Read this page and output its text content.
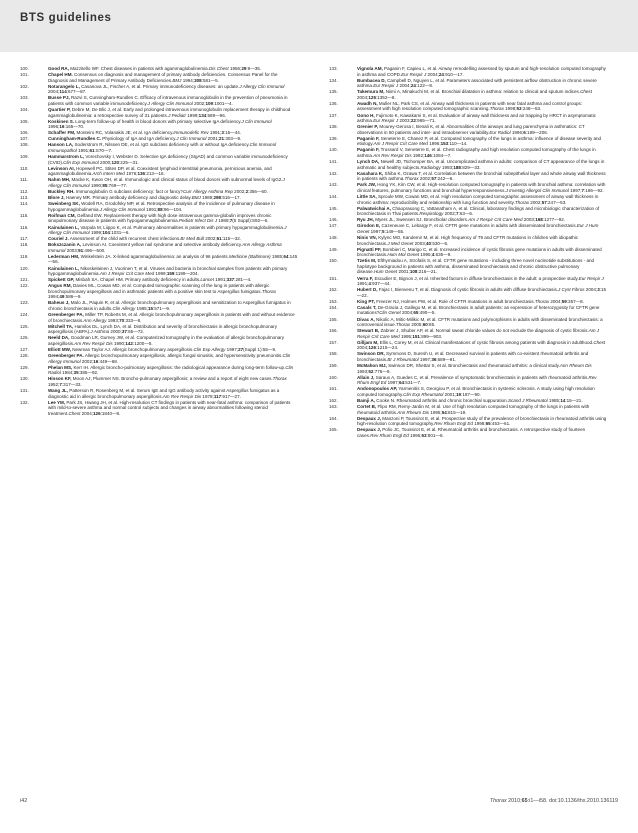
BTS guidelines
100.	Good RA, Mazzitello WF. Chest diseases in patients with agammaglobulinemia.Dis Chest 1956;29:9—35.
101.	Chapel HM. Consensus on diagnosis and management of primary antibody deficiencies. Consensus Panel for the Diagnosis and Management of Primary Antibody Deficiencies.BMJ 1994;308:581—5.
102.	Notarangelo L, Casanova JL, Fischer A, et al. Primary immunodeficiency diseases: an update.J Allergy Clin Immunol 2004;114:677—87.
103.	Busse PJ, Razvi S, Cunningham-Rundles C. Efficacy of intravenous immunoglobulin in the prevention of pneumonia in patients with common variable immunodeficiency.J Allergy Clin Immunol 2002;109:1001—4.
104.	Quartier P, Debre M, De Blic J, et al. Early and prolonged intravenous immunoglobulin replacement therapy in childhood agammaglobulinemia: a retrospective survey of 31 patients.J Pediatr 1999;134:589—96.
105.	Koskinen S. Long-term follow-up of health in blood donors with primary selective IgA deficiency.J Clin Immunol 1996;16:165—70.
106.	Schaffer FM, Monteiro RC, Volanakis JE, et al. IgA deficiency.Immunodefic Rev 1991;3:15—44.
107.	Cunningham-Rundles C. Physiology of IgA and IgA deficiency.J Clin Immunol 2001;21:303—9.
108.	Hanson LA, Soderstrom R, Nilssen DE, et al. IgG subclass deficiency with or without IgA deficiency.Clin Immunol Immunopathol 1991;61:S70—7.
109.	Hammarstrom L, Vorechovsky I, Webster D. Selective IgA deficiency (SIgAD) and common variable immunodeficiency (CVID).Clin Exp Immunol 2000;120:225—31.
110.	Levinson AI, Hopewell PC, Stites DP, et al. Coexistent lymphoid interstitial pneumonia, pernicious anemia, and agammaglobulinemia.Arch Intern Med 1976;136:213—16.
111.	Nahm MH, Macke K, Kwon OH, et al. Immunologic and clinical status of blood donors with subnormal levels of IgG2.J Allergy Clin Immunol 1990;85:769—77.
112.	Buckley RH. Immunoglobulin G subclass deficiency: fact or fancy?Curr Allergy Asthma Rep 2002;2:356—60.
113.	Blore J, Haeney MR. Primary antibody deficiency and diagnostic delay.BMJ 1989;298:516—17.
114.	Sweinberg SK, Wodell RA, Grodofsky MP, et al. Retrospective analysis of the incidence of pulmonary disease in hypogammaglobulinemia.J Allergy Clin Immunol 1991;88:96—104.
115.	Roifman CM, Gelfand EW. Replacement therapy with high dose intravenous gamma-globulin improves chronic sinopulmonary disease in patients with hypogammaglobulinemia.Pediatr Infect Dis J 1988;7(5 Suppl):S92—6.
116.	Kainulainen L, Varpula M, Liippo K, et al. Pulmonary abnormalities in patients with primary hypogammaglobulinemia.J Allergy Clin Immunol 1999;104:1031—6.
117.	Couriel J. Assessment of the child with recurrent chest infections.Br Med Bull 2002;61:115—32.
118.	Bokszczanin A, Levinson AI. Coexistent yellow nail syndrome and selective antibody deficiency.Ann Allergy Asthma Immunol 2003;91:496—500.
119.	Lederman HM, Winkelstein JA. X-linked agammaglobulinemia: an analysis of 96 patients.Medicine (Baltimore) 1985;64:145—56.
120.	Kainulainen L, Nikoskelainen J, Vuorinen T, et al. Viruses and bacteria in bronchial samples from patients with primary hypogammaglobulinemia.Am J Respir Crit Care Med 1999;159:1199—204.
121.	Spickett GP, Misbah SA, Chapel HM. Primary antibody deficiency in adults.Lancet 1991;337:281—4.
122.	Angus RM, Davies ML, Cowan MD, et al. Computed tomographic scanning of the lung in patients with allergic bronchopulmonary aspergillosis and in asthmatic patients with a positive skin test to Aspergillus fumigatus.Thorax 1994;49:586—9.
123.	Baheus J, Malo JL, Paquin R, et al. Allergic bronchopulmonary aspergillosis and sensitization to Aspergillus fumigatus in chronic bronchiectasis in adults.Clin Allergy 1985;15:571—9.
124.	Greenberger PA, Miller TP, Roberts M, et al. Allergic bronchopulmonary aspergillosis in patients with and without evidence of bronchiectasis.Ann Allergy 1993;70:333—8.
125.	Mitchell TA, Hamilos DL, Lynch DA, et al. Distribution and severity of bronchiectasis in allergic bronchopulmonary aspergillosis (ABPA).J Asthma 2000;37:65—72.
126.	Neeld DA, Goodman LR, Gurney JW, et al. Computerized tomography in the evaluation of allergic bronchopulmonary aspergillosis.Am Rev Respir Dis 1990;142:1200—5.
127.	Elliott MW, Newman Taylor AJ. Allergic bronchopulmonary aspergillosis.Clin Exp Allergy 1997;27(Suppl 1):55—9.
128.	Greenberger PA. Allergic bronchopulmonary aspergillosis, allergic fungal sinusitis, and hypersensitivity pneumonitis.Clin Allergy Immunol 2002;16:449—68.
129.	Phelan MS, Kerr IH. Allergic broncho-pulmonary aspergillosis: the radiological appearance during long-term follow-up.Clin Radiol 1984;35:385—92.
130.	Hinson KF, Moon AJ, Plummer NS. Broncho-pulmonary aspergillosis; a review and a report of eight new cases.Thorax 1952;7:317—33.
131.	Wang JL, Patterson R, Rosenberg M, et al. Serum IgE and IgG antibody activity against Aspergillus fumigatus as a diagnostic aid in allergic bronchopulmonary aspergillosis.Am Rev Respir Dis 1978;117:917—27.
132.	Lee YM, Park JS, Hwang JH, et al. High-resolution CT findings in patients with near-fatal asthma: comparison of patients with mild-to-severe asthma and normal control subjects and changes in airway abnormalities following steroid treatment.Chest 2004;126:1840—8.
133.	Vignola AM, Paganin F, Capieu L, et al. Airway remodelling assessed by sputum and high-resolution computed tomography in asthma and COPD.Eur Respir J 2004;24:910—17.
134.	Bumbacea D, Campbell D, Nguyen L, et al. Parameters associated with persistent airflow obstruction in chronic severe asthma.Eur Respir J 2004;24:122—8.
135.	Takemura M, Niimi A, Minakuchi M, et al. Bronchial dilatation in asthma: relation to clinical and sputum indices.Chest 2004;125:1352—8.
136.	Awadh N, Muller NL, Park CS, et al. Airway wall thickness in patients with near fatal asthma and control groups: assessment with high resolution computed tomographic scanning.Thorax 1998;53:248—53.
137.	Gono H, Fujimoto K, Kawakami S, et al. Evaluation of airway wall thickness and air trapping by HRCT in asymptomatic asthma.Eur Respir J 2003;22:965—71.
138.	Grenier P, Mourey-Gerosa I, Benali K, et al. Abnormalities of the airways and lung parenchyma in asthmatics: CT observations in 50 patients and inter- and intraobserver variability.Eur Radiol 1996;6:199—206.
139.	Paganin F, Seneterre E, Chanez P, et al. Computed tomography of the lungs in asthma: influence of disease severity and etiology.Am J Respir Crit Care Med 1996;153:110—14.
140.	Paganin F, Trussard V, Seneterre E, et al. Chest radiography and high resolution computed tomography of the lungs in asthma.Am Rev Respir Dis 1992;146:1084—7.
141.	Lynch DA, Newell JD, Tschomper BA, et al. Uncomplicated asthma in adults: comparison of CT appearance of the lungs in asthmatic and healthy subjects.Radiology 1993;188:829—33.
142.	Kasahara K, Shiba K, Ozawa T, et al. Correlation between the bronchial subepithelial layer and whole airway wall thickness in patients with asthma.Thorax 2002;57:242—6.
143.	Park JW, Hong YK, Kim CW, et al. High-resolution computed tomography in patients with bronchial asthma: correlation with clinical features, pulmonary functions and bronchial hyperresponsiveness.J Investig Allergol Clin Immunol 1997;7:186—92.
144.	Little SA, Sproule MW, Cowan MD, et al. High resolution computed tomographic assessment of airway wall thickness in chronic asthma: reproducibility and relationship with lung function and severity.Thorax 2002;57:247—53.
145.	Palwatwichai A, Chaoprasong C, Vattanathum A, et al. Clinical, laboratory findings and microbiologic characterization of bronchiectasis in Thai patients.Respirology 2002;7:63—6.
146.	Ryu JH, Myers JL, Swensen SJ. Bronchiolar disorders.Am J Respir Crit Care Med 2003;168:1277—92.
147.	Girodon E, Cazeneuve C, Lebargy F, et al. CFTR gene mutations in adults with disseminated bronchiectasis.Eur J Hum Genet 1997;5:149—55.
148.	Ninis VN, Kylync MO, Kandemir M, et al. High frequency of T9 and CFTR mutations in children with idiopathic bronchiectasis.J Med Genet 2003;40:530—5.
149.	Pignatti PF, Bombieri C, Marigo C, et al. Increased incidence of cystic fibrosis gene mutations in adults with disseminated bronchiectasis.Hum Mol Genet 1995;4:635—9.
150.	Tzetis M, Efthymiadou A, Strofalis S, et al. CFTR gene mutations - including three novel nucleotide substitutions - and haplotype background in patients with asthma, disseminated bronchiectasis and chronic obstructive pulmonary disease.Hum Genet 2001;108:216—21.
151.	Verra F, Escudier E, Bignon J, et al. Inherited factors in diffuse bronchiectasis in the adult: a prospective study.Eur Respir J 1991;4:937—44.
152.	Hubert D, Fajac I, Bienvenu T, et al. Diagnosis of cystic fibrosis in adults with diffuse bronchiectasis.J Cyst Fibros 2004;3:15—22.
153.	King PT, Freezer NJ, Holmes PW, et al. Role of CFTR mutations in adult bronchiectasis.Thorax 2004;59:357—8.
154.	Casals T, De-Gracia J, Gallego M, et al. Bronchiectasis in adult patients: an expression of heterozygosity for CFTR gene mutations?Clin Genet 2004;65:490—5.
155.	Divac A, Nikolic A, Mitic-Milikic M, et al. CFTR mutations and polymorphisms in adults with disseminated bronchiectasis: a controversial issue.Thorax 2005;60:85.
156.	Stewart B, Zabner J, Shuber AP, et al. Normal sweat chloride values do not exclude the diagnosis of cystic fibrosis.Am J Respir Crit Care Med 1995;151:899—903.
157.	Gilljam M, Ellis L, Corey M, et al. Clinical manifestations of cystic fibrosis among patients with diagnosis in adulthood.Chest 2004;126:1215—24.
158.	Swinson DR, Symmons D, Suresh U, et al. Decreased survival in patients with co-existent rheumatoid arthritis and bronchiectasis.Br J Rheumatol 1997;36:689—91.
159.	McMahon MJ, Swinson DR, Shettar S, et al. Bronchiectasis and rheumatoid arthritis: a clinical study.Ann Rheum Dis 1993;52:776—9.
160.	Allain J, Saraux A, Guedes C, et al. Prevalence of symptomatic bronchiectasis in patients with rheumatoid arthritis.Rev Rhum Engl Ed 1997;64:531—7.
161.	Andonopoulos AP, Yarmenitis S, Georgiou P, et al. Bronchiectasis in systemic sclerosis. A study using high resolution computed tomography.Clin Exp Rheumatol 2001;19:187—90.
162.	Bamji A, Cooke N. Rheumatoid arthritis and chronic bronchial suppuration.Scand J Rheumatol 1985;14:15—21.
163.	Cortet B, Flipo RM, Remy-Jardin M, et al. Use of high resolution computed tomography of the lungs in patients with rheumatoid arthritis.Ann Rheum Dis 1995;54:815—19.
164.	Despaux J, Manzoni P, Toussirot E, et al. Prospective study of the prevalence of bronchiectasis in rheumatoid arthritis using high-resolution computed tomography.Rev Rhum Engl Ed 1998;65:453—61.
165.	Despaux J, Polio JC, Toussirot E, et al. Rheumatoid arthritis and bronchiectasis. A retrospective study of fourteen cases.Rev Rhum Engl Ed 1996;63:801—8.
i42	Thorax 2010;65:i1—i58. doi:10.1136/thx.2010.136119
